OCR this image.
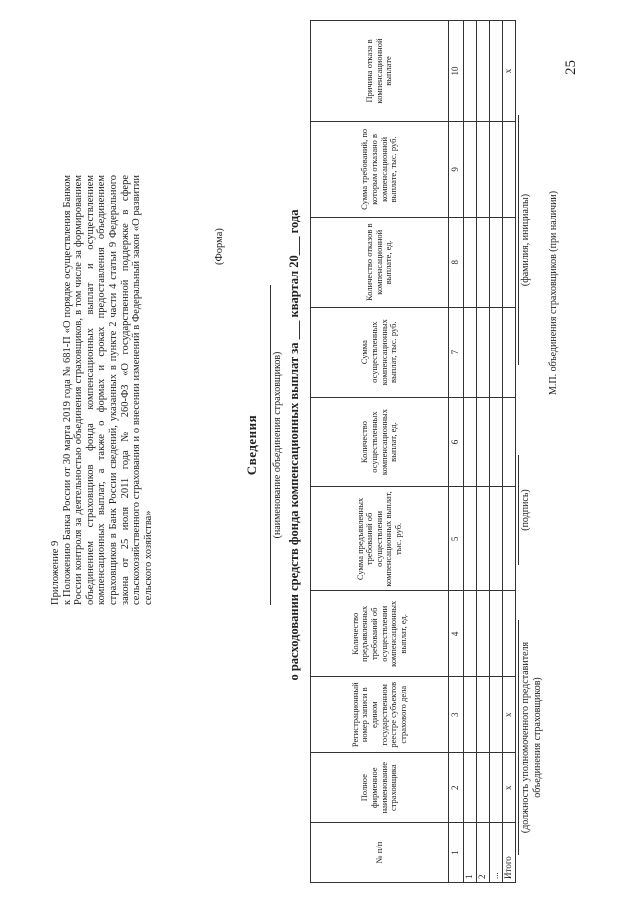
Приложение 9 к Положению Банка России от 30 марта 2019 года № 681-П «О порядке осуществления Банком России контроля за деятельностью объединения страховщиков, в том числе за формированием объединением страховщиков фонда компенсационных выплат и осуществлением компенсационных выплат, а также о формах и сроках предоставления объединением страховщиков в Банк России сведений, указанных в пункте 2 части 4 статьи 9 Федерального закона от 25 июля 2011 года № 260-ФЗ «О государственной поддержке в сфере сельскохозяйственного страхования и о внесении изменений в Федеральный закон «О развитии сельского хозяйства»
(Форма)
Сведения (наименование объединения страховщиков) о расходовании средств фонда компенсационных выплат за ___ квартал 20___ года
№ п/п	Полное фирменное наименование страховщика	Регистрационный номер записи в едином государственном реестре субъектов страхового дела	Количество предъявленных требований об осуществлении компенсационных выплат, ед.	Сумма предъявленных требований об осуществлении компенсационных выплат, тыс. руб.	Количество осуществленных компенсационных выплат, ед.	Сумма осуществленных компенсационных выплат, тыс. руб.	Количество отказов в компенсационной выплате, ед.	Сумма требований, по которым отказано в компенсационной выплате, тыс. руб.	Причина отказа в компенсационной выплате
1	2	3	4	5	6	7	8	9	10
1									
2									
...									
Итого	х	х							х
(должность уполномоченного представителя объединения страховщиков)
(подпись)
(фамилия, инициалы) М.П. объединения страховщиков (при наличии)
25
